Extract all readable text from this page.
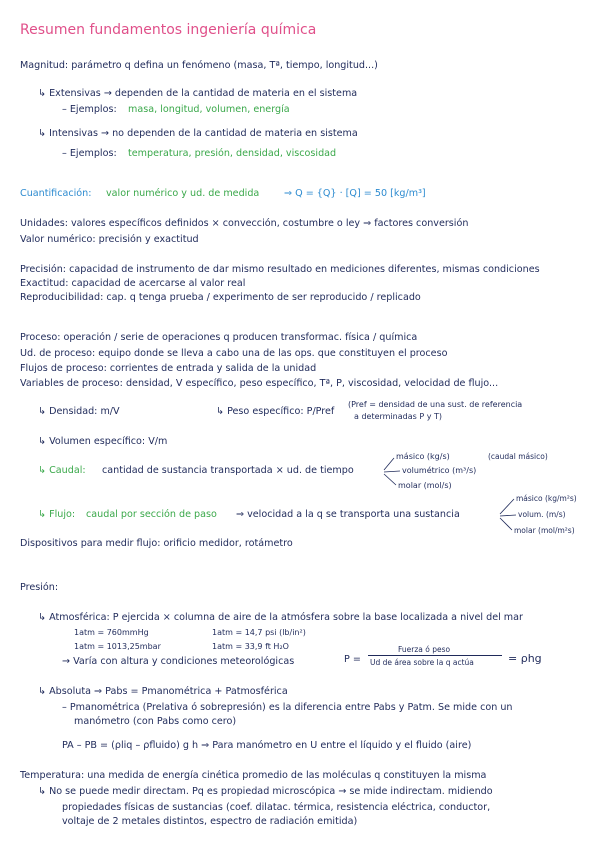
Resumen fundamentos ingeniería química
Magnitud: parámetro q defina un fenómeno (masa, Tª, tiempo, longitud...)
↳ Extensivas → dependen de la cantidad de materia en el sistema
– Ejemplos: masa, longitud, volumen, energía
↳ Intensivas → no dependen de la cantidad de materia en sistema
– Ejemplos: temperatura, presión, densidad, viscosidad
Cuantificación: valor numérico y ud. de medida	⇒ Q = {Q} · [Q] = 50 [kg/m³]
Unidades: valores específicos definidos × convección, costumbre o ley ⇒ factores conversión
Valor numérico: precisión y exactitud
Precisión: capacidad de instrumento de dar mismo resultado en mediciones diferentes, mismas condiciones
Exactitud: capacidad de acercarse al valor real
Reproducibilidad: cap. q tenga prueba / experimento de ser reproducido / replicado
Proceso: operación / serie de operaciones q producen transformac. física / química
Ud. de proceso: equipo donde se lleva a cabo una de las ops. que constituyen el proceso
Flujos de proceso: corrientes de entrada y salida de la unidad
Variables de proceso: densidad, V específico, peso específico, Tª, P, viscosidad, velocidad de flujo...
↳ Densidad: m/V	↳ Peso específico: P/Pref
(Pref = densidad de una sust. de referencia
a determinadas P y T)
↳ Volumen específico: V/m
↳ Caudal: cantidad de sustancia transportada × ud. de tiempo
másico (kg/s)	(caudal másico)
volumétrico (m³/s)
molar (mol/s)
↳ Flujo: caudal por sección de paso ⇒ velocidad a la q se transporta una sustancia
másico (kg/m²s)
volum. (m/s)
molar (mol/m²s)
Dispositivos para medir flujo: orificio medidor, rotámetro
Presión:
↳ Atmosférica: P ejercida × columna de aire de la atmósfera sobre la base localizada a nivel del mar
1atm = 760mmHg	1atm = 14,7 psi (lb/in²)
1atm = 1013,25mbar	1atm = 33,9 ft H₂O
→ Varía con altura y condiciones meteorológicas	P =
Fuerza ó peso
Ud de área sobre la q actúa	= ρhg
↳ Absoluta ⇒ Pabs = Pmanométrica + Patmosférica
– Pmanométrica (Prelativa ó sobrepresión) es la diferencia entre Pabs y Patm. Se mide con un
manómetro (con Pabs como cero)
PA – PB = (ρliq – ρfluido) g h ⇒ Para manómetro en U entre el líquido y el fluido (aire)
Temperatura: una medida de energía cinética promedio de las moléculas q constituyen la misma
↳ No se puede medir directam. Pq es propiedad microscópica → se mide indirectam. midiendo
propiedades físicas de sustancias (coef. dilatac. térmica, resistencia eléctrica, conductor,
voltaje de 2 metales distintos, espectro de radiación emitida)
